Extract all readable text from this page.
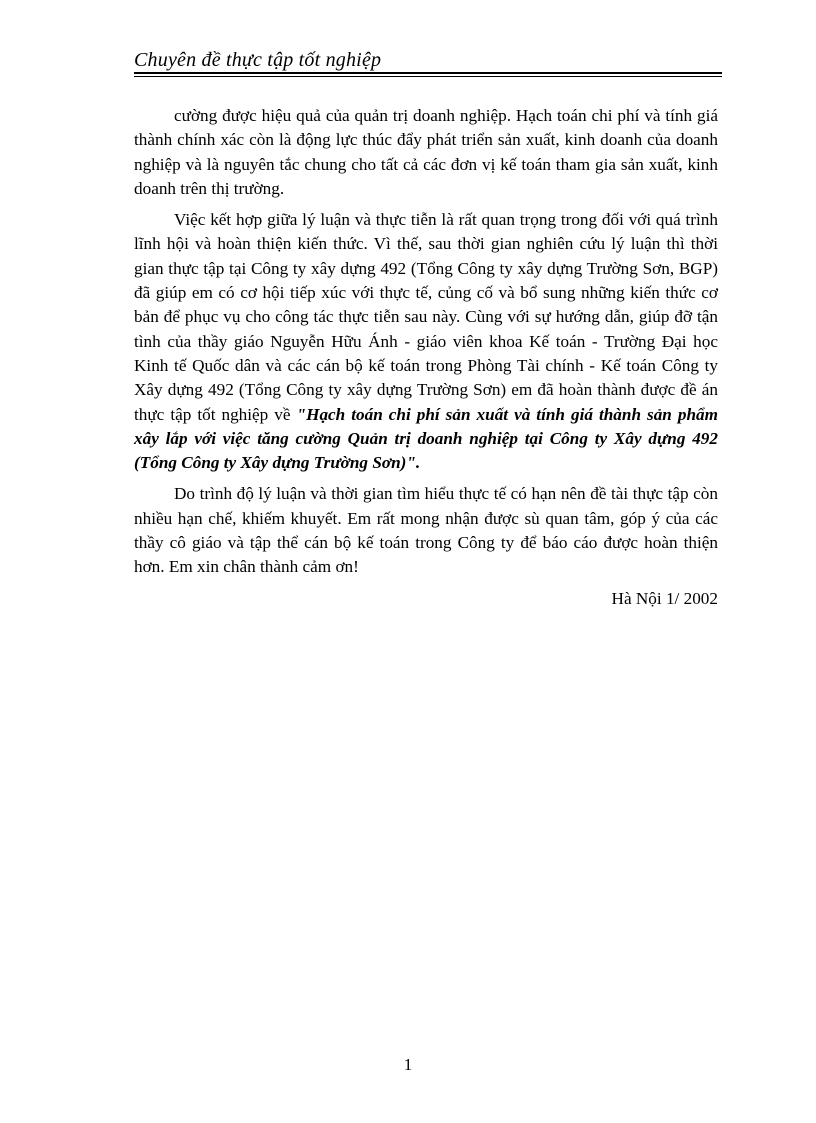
Chuyên đề thực tập tốt nghiệp

cường được hiệu quả của quản trị doanh nghiệp. Hạch toán chi phí và tính giá thành chính xác còn là động lực thúc đẩy phát triển sản xuất, kinh doanh của doanh nghiệp và là nguyên tắc chung cho tất cả các đơn vị kế toán tham gia sản xuất, kinh doanh trên thị trường.

Việc kết hợp giữa lý luận và thực tiễn là rất quan trọng trong đối với quá trình lĩnh hội và hoàn thiện kiến thức. Vì thế, sau thời gian nghiên cứu lý luận thì thời gian thực tập tại Công ty xây dựng 492 (Tổng Công ty xây dựng Trường Sơn, BGP) đã giúp em có cơ hội tiếp xúc với thực tế, củng cố và bổ sung những kiến thức cơ bản để phục vụ cho công tác thực tiễn sau này. Cùng với sự hướng dẫn, giúp đỡ tận tình của thầy giáo Nguyễn Hữu Ánh - giáo viên khoa Kế toán - Trường Đại học Kinh tế Quốc dân và các cán bộ kế toán trong Phòng Tài chính - Kế toán Công ty Xây dựng 492 (Tổng Công ty xây dựng Trường Sơn) em đã hoàn thành được đề án thực tập tốt nghiệp về "Hạch toán chi phí sản xuất và tính giá thành sản phẩm xây lắp với việc tăng cường Quản trị doanh nghiệp tại Công ty Xây dựng 492 (Tổng Công ty Xây dựng Trường Sơn)".

Do trình độ lý luận và thời gian tìm hiểu thực tế có hạn nên đề tài thực tập còn nhiều hạn chế, khiếm khuyết. Em rất mong nhận được sù quan tâm, góp ý của các thầy cô giáo và tập thể cán bộ kế toán trong Công ty để báo cáo được hoàn thiện hơn. Em xin chân thành cảm ơn!

Hà Nội 1/ 2002

1
